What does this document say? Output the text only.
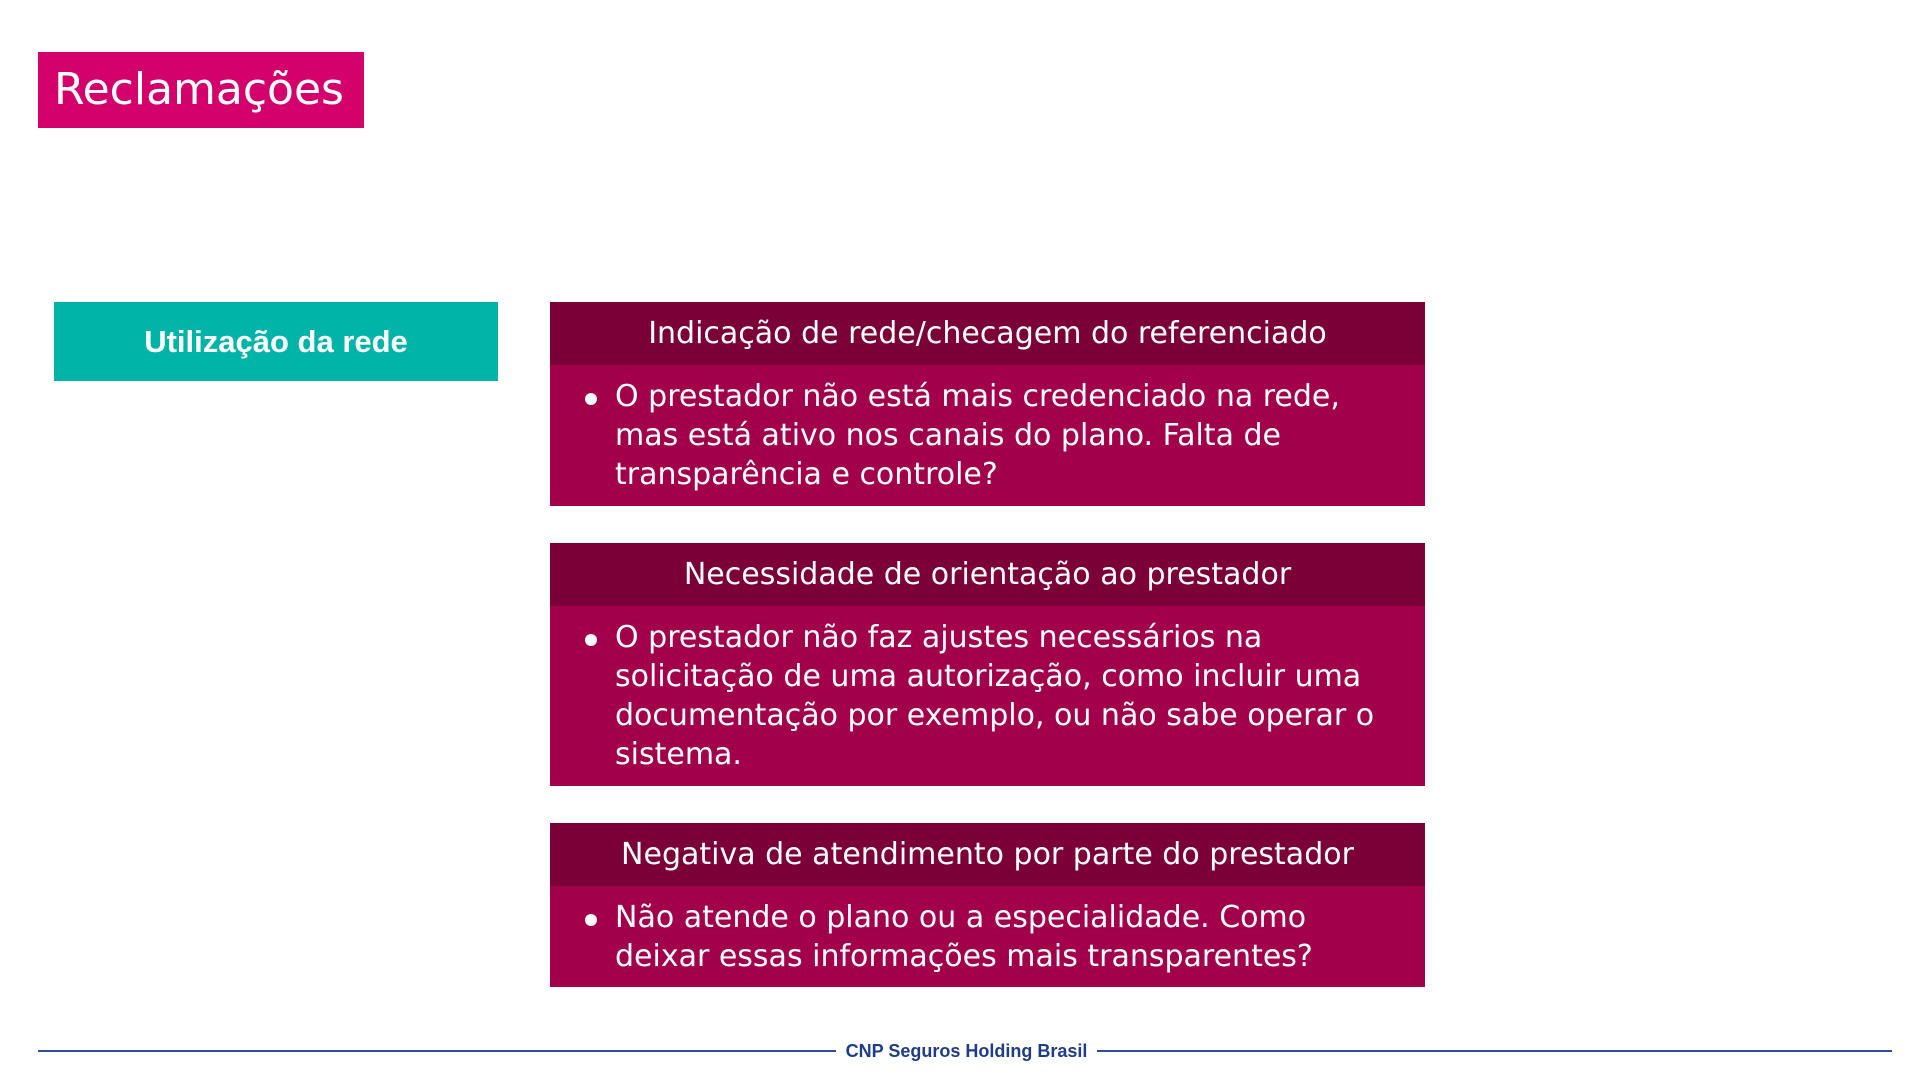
Reclamações
Utilização da rede	Indicação de rede/checagem do referenciado
O prestador não está mais credenciado na rede, mas está ativo nos canais do plano. Falta de transparência e controle?
Necessidade de orientação ao prestador
O prestador não faz ajustes necessários na solicitação de uma autorização, como incluir uma documentação por exemplo, ou não sabe operar o sistema.
Negativa de atendimento por parte do prestador
Não atende o plano ou a especialidade. Como deixar essas informações mais transparentes?
CNP Seguros Holding Brasil
